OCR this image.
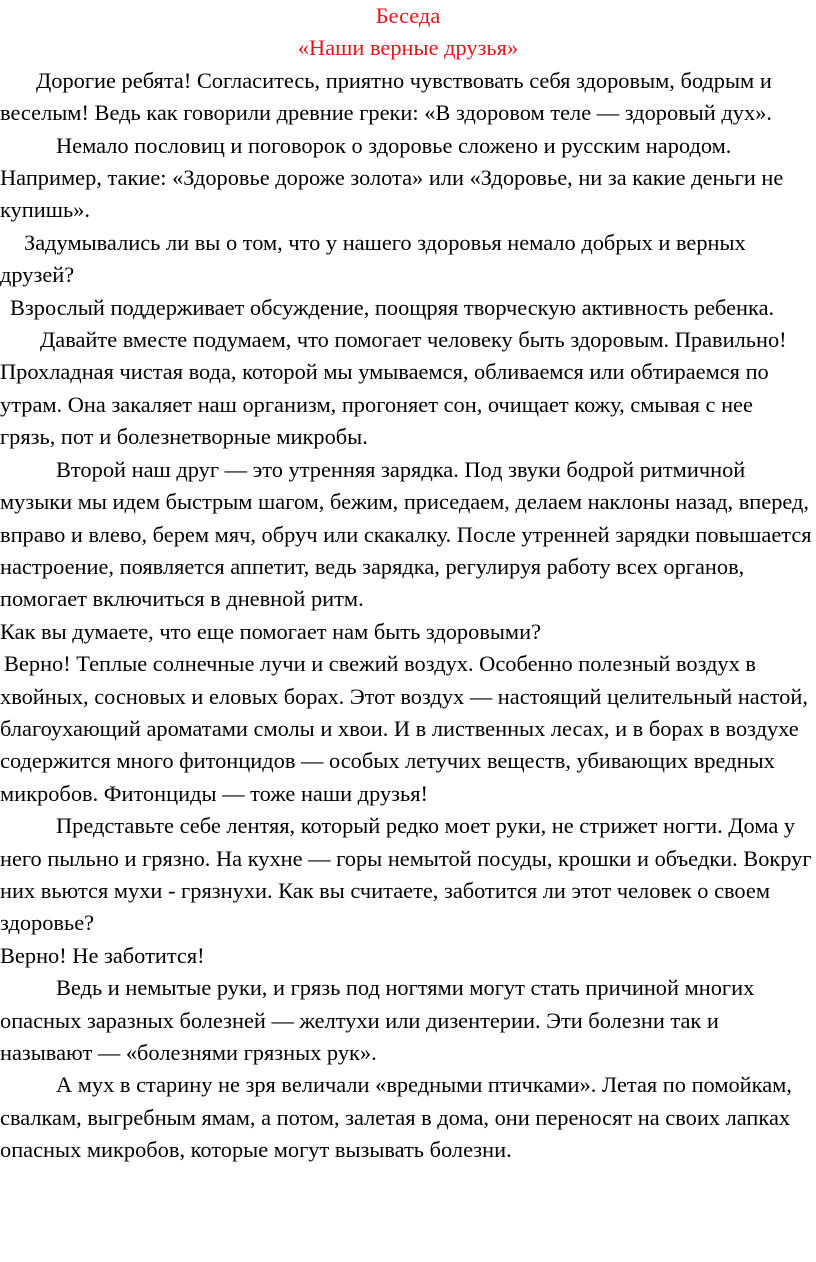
Беседа
«Наши верные друзья»

Дорогие ребята! Согласитесь, приятно чувствовать себя здоровым, бодрым и веселым! Ведь как говорили древние греки: «В здоровом теле — здоровый дух».

Немало пословиц и поговорок о здоровье сложено и русским народом. Например, такие: «Здоровье дороже золота» или «Здоровье, ни за какие деньги не купишь».

Задумывались ли вы о том, что у нашего здоровья немало добрых и верных друзей?

Взрослый поддерживает обсуждение, поощряя творческую активность ребенка.

Давайте вместе подумаем, что помогает человеку быть здоровым. Правильно! Прохладная чистая вода, которой мы умываемся, обливаемся или обтираемся по утрам. Она закаляет наш организм, прогоняет сон, очищает кожу, смывая с нее грязь, пот и болезнетворные микробы.

Второй наш друг — это утренняя зарядка. Под звуки бодрой ритмичной музыки мы идем быстрым шагом, бежим, приседаем, делаем наклоны назад, вперед, вправо и влево, берем мяч, обруч или скакалку. После утренней зарядки повышается настроение, появляется аппетит, ведь зарядка, регулируя работу всех органов, помогает включиться в дневной ритм.

Как вы думаете, что еще помогает нам быть здоровыми?

Верно! Теплые солнечные лучи и свежий воздух. Особенно полезный воздух в хвойных, сосновых и еловых борах. Этот воздух — настоящий целительный настой, благоухающий ароматами смолы и хвои. И в лиственных лесах, и в борах в воздухе содержится много фитонцидов — особых летучих веществ, убивающих вредных микробов. Фитонциды — тоже наши друзья!

Представьте себе лентяя, который редко моет руки, не стрижет ногти. Дома у него пыльно и грязно. На кухне — горы немытой посуды, крошки и объедки. Вокруг них вьются мухи - грязнухи. Как вы считаете, заботится ли этот человек о своем здоровье?

Верно! Не заботится!

Ведь и немытые руки, и грязь под ногтями могут стать причиной многих опасных заразных болезней — желтухи или дизентерии. Эти болезни так и называют — «болезнями грязных рук».

А мух в старину не зря величали «вредными птичками». Летая по помойкам, свалкам, выгребным ямам, а потом, залетая в дома, они переносят на своих лапках опасных микробов, которые могут вызывать болезни.
